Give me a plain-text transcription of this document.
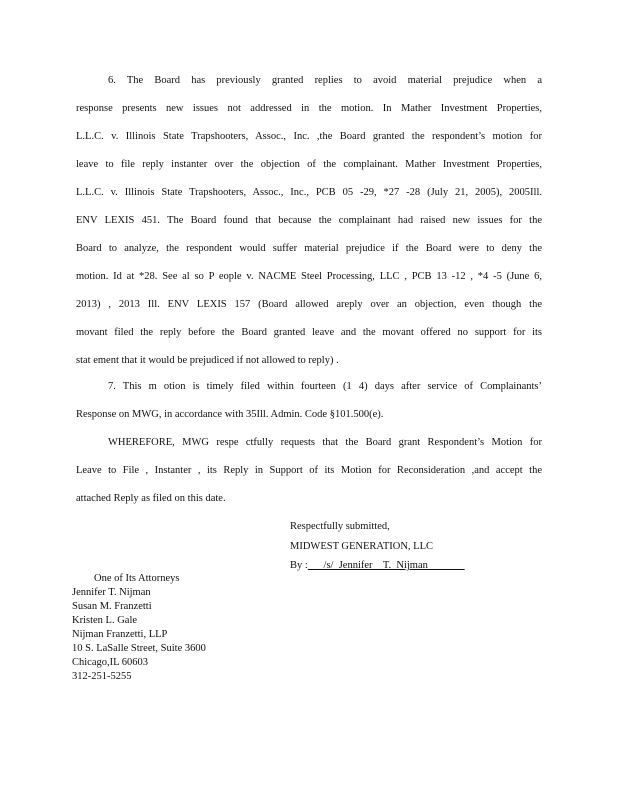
6. The Board has previously granted replies to avoid material prejudice when a
response presents new issues not addressed in the motion. In Mather Investment Properties,
L.L.C. v. Illinois State Trapshooters, Assoc., Inc. ,the Board granted the respondent’s motion for
leave to file reply instanter over the objection of the complainant. Mather Investment Properties,
L.L.C. v. Illinois State Trapshooters, Assoc., Inc., PCB 05 -29, *27 -28 (July 21, 2005), 2005Ill.
ENV LEXIS 451. The Board found that because the complainant had raised new issues for the
Board to analyze, the respondent would suffer material prejudice if the Board were to deny the
motion. Id at *28. See al so P eople v. NACME Steel Processing, LLC , PCB 13 -12 , *4 -5 (June 6,
2013) , 2013 Ill. ENV LEXIS 157 (Board allowed areply over an objection, even though the
movant filed the reply before the Board granted leave and the movant offered no support for its
stat ement that it would be prejudiced if not allowed to reply) .
7. This m otion is timely filed within fourteen (1 4) days after service of Complainants’
Response on MWG, in accordance with 35Ill. Admin. Code §101.500(e).
WHEREFORE, MWG respe ctfully requests that the Board grant Respondent’s Motion for
Leave to File , Instanter , its Reply in Support of its Motion for Reconsideration ,and accept the
attached Reply as filed on this date.
Respectfully submitted,
MIDWEST GENERATION, LLC
By :      /s/  Jennifer    T.  Nijman
One of Its Attorneys
Jennifer T. Nijman
Susan M. Franzetti
Kristen L. Gale
Nijman Franzetti, LLP
10 S. LaSalle Street, Suite 3600
Chicago,IL 60603
312-251-5255
